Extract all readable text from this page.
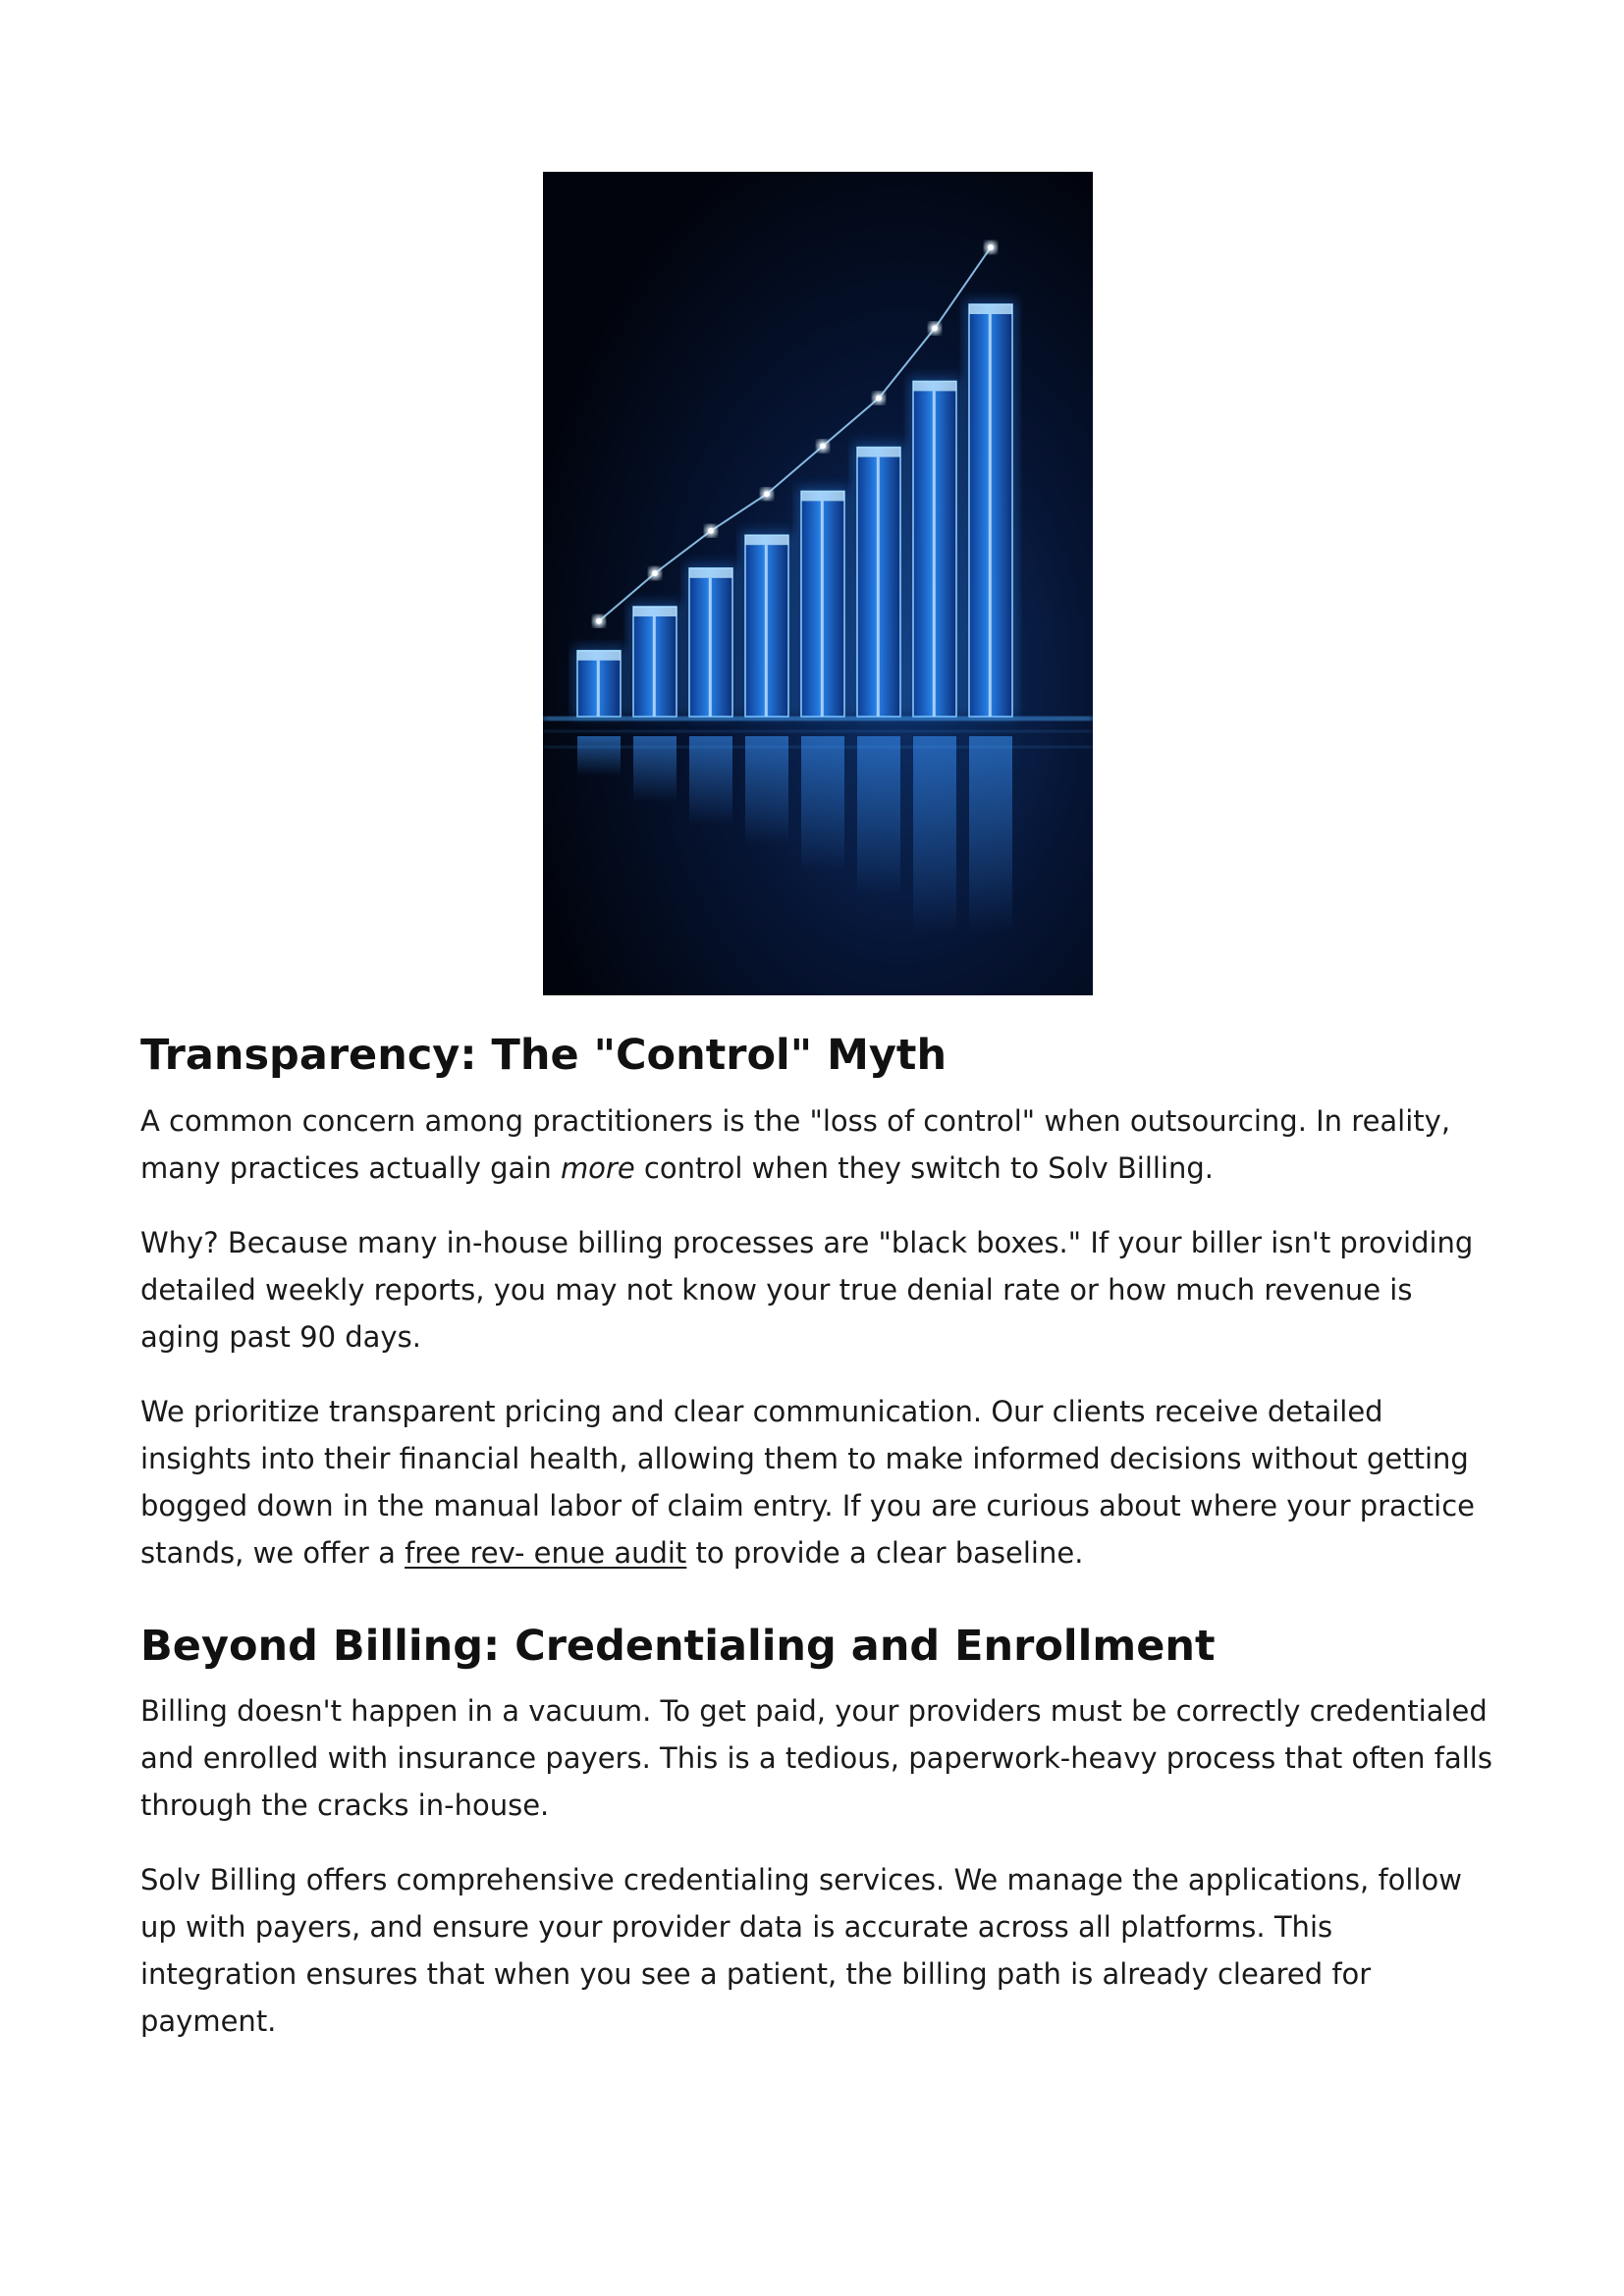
Transparency: The "Control" Myth

A common concern among practitioners is the "loss of control" when outsourcing. In reality, many practices actually gain more control when they switch to Solv Billing.

Why? Because many in-house billing processes are "black boxes." If your biller isn't providing detailed weekly reports, you may not know your true denial rate or how much revenue is aging past 90 days.

We prioritize transparent pricing and clear communication. Our clients receive detailed insights into their financial health, allowing them to make informed decisions without getting bogged down in the manual labor of claim entry. If you are curious about where your practice stands, we offer a free rev- enue audit to provide a clear baseline.

Beyond Billing: Credentialing and Enrollment

Billing doesn't happen in a vacuum. To get paid, your providers must be correctly credentialed and enrolled with insurance payers. This is a tedious, paperwork-heavy process that often falls through the cracks in-house.

Solv Billing offers comprehensive credentialing services. We manage the applications, follow up with payers, and ensure your provider data is accurate across all platforms. This integration ensures that when you see a patient, the billing path is already cleared for payment.
